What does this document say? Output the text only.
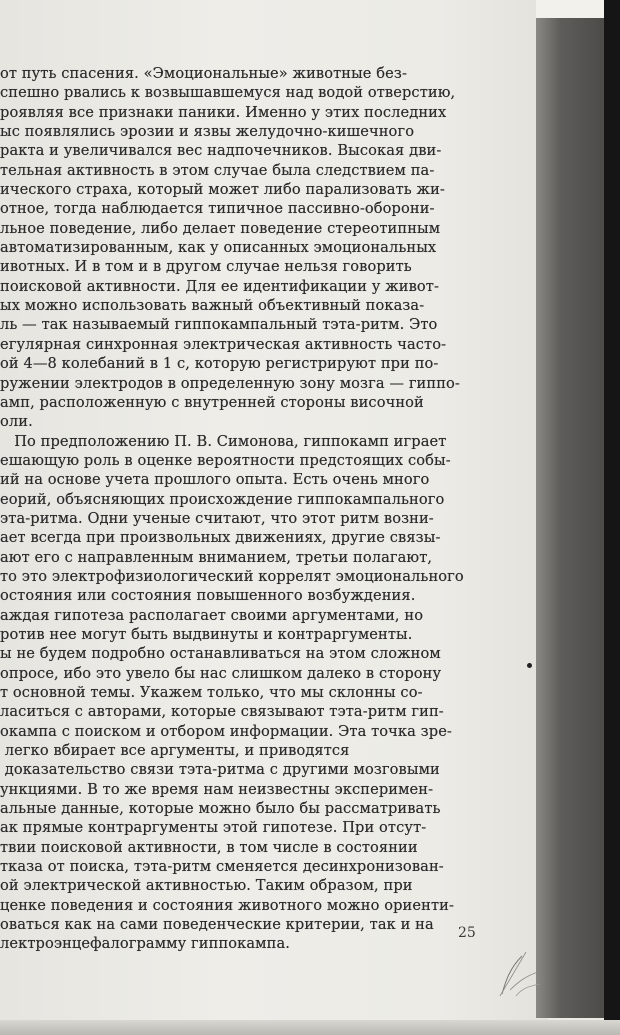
от путь спасения. «Эмоциональные» животные без-
спешно рвались к возвышавшемуся над водой отверстию,
роявляя все признаки паники. Именно у этих последних
ыс появлялись эрозии и язвы желудочно-кишечного
ракта и увеличивался вес надпочечников. Высокая дви-
тельная активность в этом случае была следствием па-
ического страха, который может либо парализовать жи-
отное, тогда наблюдается типичное пассивно-оборони-
льное поведение, либо делает поведение стереотипным
автоматизированным, как у описанных эмоциональных
ивотных. И в том и в другом случае нельзя говорить
поисковой активности. Для ее идентификации у живот-
ых можно использовать важный объективный показа-
ль — так называемый гиппокампальный тэта-ритм. Это
егулярная синхронная электрическая активность часто-
ой 4—8 колебаний в 1 с, которую регистрируют при по-
ружении электродов в определенную зону мозга — гиппо-
амп, расположенную с внутренней стороны височной
оли.
По предположению П. В. Симонова, гиппокамп играет
ешающую роль в оценке вероятности предстоящих собы-
ий на основе учета прошлого опыта. Есть очень много
еорий, объясняющих происхождение гиппокампального
эта-ритма. Одни ученые считают, что этот ритм возни-
ает всегда при произвольных движениях, другие связы-
ают его с направленным вниманием, третьи полагают,
то это электрофизиологический коррелят эмоционального
остояния или состояния повышенного возбуждения.
аждая гипотеза располагает своими аргументами, но
ротив нее могут быть выдвинуты и контраргументы.
ы не будем подробно останавливаться на этом сложном
опросе, ибо это увело бы нас слишком далеко в сторону
т основной темы. Укажем только, что мы склонны со-
ласиться с авторами, которые связывают тэта-ритм гип-
окампа с поиском и отбором информации. Эта точка зре-
легко вбирает все аргументы, и приводятся
доказательство связи тэта-ритма с другими мозговыми
ункциями. В то же время нам неизвестны эксперимен-
альные данные, которые можно было бы рассматривать
ак прямые контраргументы этой гипотезе. При отсут-
твии поисковой активности, в том числе в состоянии
тказа от поиска, тэта-ритм сменяется десинхронизован-
ой электрической активностью. Таким образом, при
ценке поведения и состояния животного можно ориенти-
оваться как на сами поведенческие критерии, так и на
лектроэнцефалограмму гиппокампа.
25
